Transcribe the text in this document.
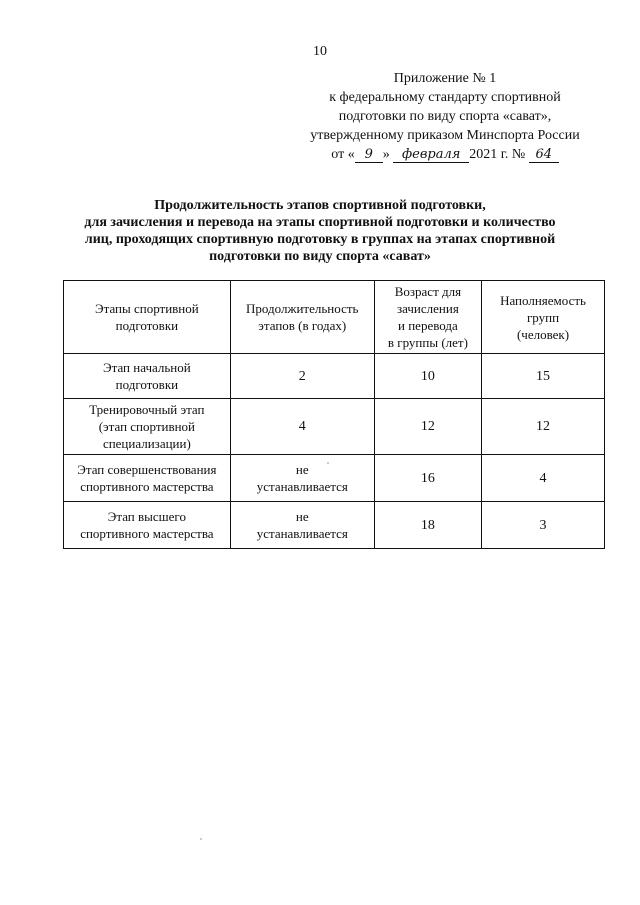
10
Приложение № 1
к федеральному стандарту спортивной
подготовки по виду спорта «сават»,
утвержденному приказом Минспорта России
от « 9 » февраля 2021 г. № 64
Продолжительность этапов спортивной подготовки,
для зачисления и перевода на этапы спортивной подготовки и количество
лиц, проходящих спортивную подготовку в группах на этапах спортивной
подготовки по виду спорта «сават»
Этапы спортивной
подготовки	Продолжительность
этапов (в годах)	Возраст для
зачисления
и перевода
в группы (лет)	Наполняемость
групп
(человек)
Этап начальной
подготовки	2	10	15
Тренировочный этап
(этап спортивной
специализации)	4	12	12
Этап совершенствования
спортивного мастерства	не
устанавливается	16	4
Этап высшего
спортивного мастерства	не
устанавливается	18	3
